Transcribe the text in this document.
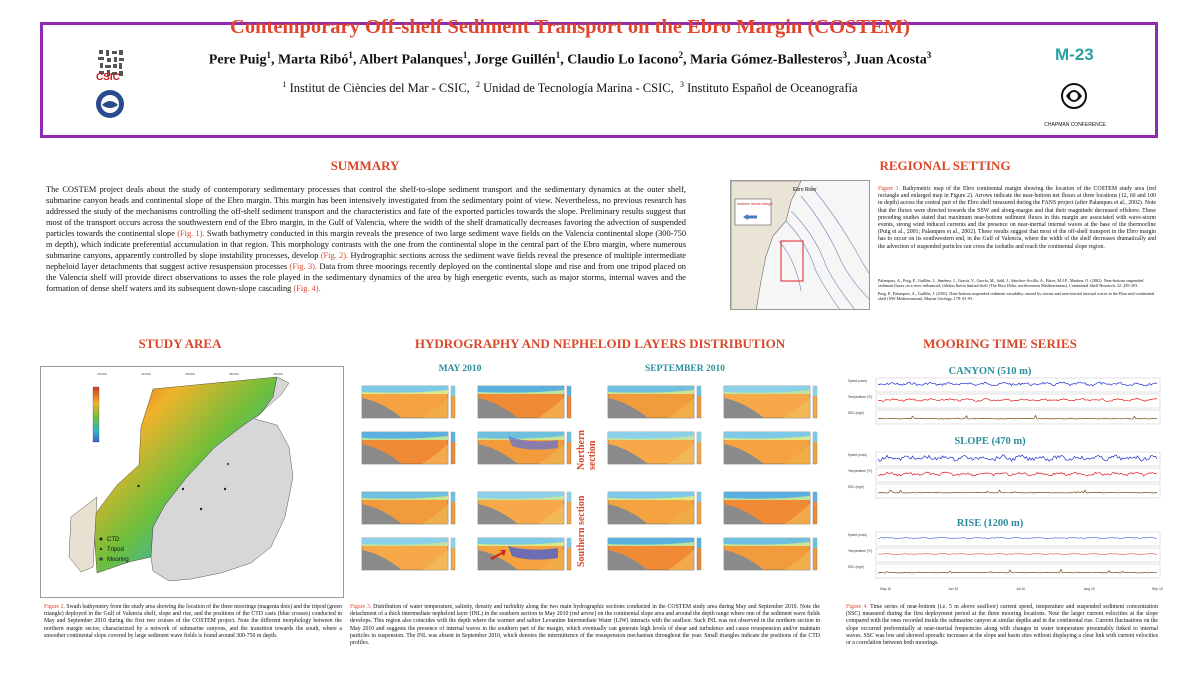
CSIC
Contemporary Off-shelf Sediment Transport on the Ebro Margin (COSTEM)
Pere Puig$^1$, Marta Ribó$^1$, Albert Palanques$^1$, Jorge Guillén$^1$, Claudio Lo Iacono$^2$, Maria Gómez-Ballesteros$^3$, Juan Acosta$^3$
$^1$ Institut de Ciències del Mar - CSIC, $^2$ Unidad de Tecnología Marina - CSIC, $^3$ Instituto Español de Oceanografía
M-23
CHAPMAN CONFERENCE
SUMMARY
The COSTEM project deals about the study of contemporary sedimentary processes that control the shelf-to-slope sediment transport and the sedimentary dynamics at the outer shelf, submarine canyon heads and continental slope of the Ebro margin. This margin has been intensively investigated from the sedimentary point of view. Nevertheless, no previous research has addressed the study of the mechanisms controlling the off-shelf sediment transport and the characteristics and fate of the exported particles towards the slope. Preliminary results suggest that most of the transport occurs across the southwestern end of the Ebro margin, in the Gulf of Valencia, where the width of the shelf dramatically decreases favoring the advection of suspended particles towards the continental slope (Fig. 1). Swath bathymetry conducted in this margin reveals the presence of two large sediment wave fields on the Valencia continental slope (300-750 m depth), which indicate preferential accumulation in that region. This morphology contrasts with the one from the continental slope in the central part of the Ebro margin, where numerous submarine canyons, apparently controlled by slope instability processes, develop (Fig. 2). Hydrographic sections across the sediment wave fields reveal the presence of multiple intermediate nepheloid layer detachments that suggest active resuspension processes (Fig. 3). Data from three moorings recently deployed on the continental slope and rise and from one tripod placed on the Valencia shelf will provide direct observations to asses the role played in the sedimentary dynamics of the area by high energetic events, such as major storms, internal waves and the formation of dense shelf waters and its subsequent down-slope cascading (Fig. 4).
REGIONAL SETTING
Ebro River
Northern Iberian Margin
Figure 1. Bathymetric map of the Ebro continental margin showing the location of the COSTEM study area (red rectangle and enlarged map in Figure 2). Arrows indicate the near-bottom net fluxes at three locations (12, 60 and 100 m depth) across the central part of the Ebro shelf measured during the FANS project (after Palanques et al., 2002). Note that the fluxes were directed towards the SSW and along-margin and that their magnitude decreased offshore. These preceding studies stated that maximum near-bottom sediment fluxes in this margin are associated with wave-storm events, strong wind induced currents and the presence on near-inertial internal waves at the base of the thermocline (Puig et al., 2001; Palanques et al., 2002). These results suggest that most of the off-shelf transport in the Ebro margin has to occur on its southwestern end, in the Gulf of Valencia, where the width of the shelf decreases dramatically and the advection of suspended particles can cross the isobaths and reach the continental slope region.
Palanques, A., Puig, P., Guillén, J., Jiménez, J., Gracia, V., García, M., Sahl, J., Sánchez-Arcilla, A., Brive, M.J.P., Madsen, O. (2002). Near-bottom suspended sediment fluxes on a river influenced, tideless Iberia limited shelf (The Ebro Delta, northwestern Mediterranean). Continental Shelf Research, 22: 285-303.
Puig, P., Palanques, A., Guillén, J. (2001). Near-bottom suspended sediment variability caused by storms and near-inertial internal waves in the Ebro mid continental shelf (NW Mediterranean). Marine Geology, 178: 81-93.
STUDY AREA
320000	340000	360000	380000	400000
CTD
Tripod
Mooring
Figure 2. Swath bathymetry from the study area showing the location of the three moorings (magenta dots) and the tripod (green triangle) deployed in the Gulf of Valencia shelf, slope and rise, and the positions of the CTD casts (blue crosses) conducted in May and September 2010 during the first two cruises of the COSTEM project. Note the different morphology between the northern margin sector, characterized by a network of submarine canyons, and the transition towards the south, where a smoother continental slope covered by large sediment wave fields is found around 300-750 m depth.
HYDROGRAPHY AND NEPHELOID LAYERS DISTRIBUTION
MAY 2010	SEPTEMBER 2010
Northern section
Southern section
Figure 3. Distribution of water temperature, salinity, density and turbidity along the two main hydrographic sections conducted in the COSTEM study area during May and September 2010. Note the detachment of a thick intermediate nepheloid layer (INL) in the southern section in May 2010 (red arrow) on the continental slope area and around the depth range where one of the sediment wave fields develops. This region also coincides with the depth where the warmer and saltier Levantine Intermediate Water (LIW) interacts with the seafloor. Such INL was not observed in the northern section in May 2010 and suggests the presence of internal waves in the southern part of the margin, which eventually can generate high levels of shear and turbulence and cause resuspension and/or maintain particles in suspension. The INL was absent in September 2010, which denotes the intermittence of the resuspension mechanism throughout the year. Small triangles indicate the positions of the CTD profiles.
MOORING TIME SERIES
CANYON (510 m)
SLOPE (470 m)
RISE (1200 m)
Speed (cm/s)
Temperature (ºC)
SSC (mg/l)
Speed (cm/s)
Temperature (ºC)
SSC (mg/l)
Speed (cm/s)
Temperature (ºC)
SSC (mg/l)
May 10	Jun 10	Jul 10	Aug 10	Sep 10
Figure 4. Time series of near-bottom (i.e. 5 m above seafloor) current speed, temperature and suspended sediment concentration (SSC) measured during the first deployment period at the three mooring locations. Note the larger current velocities at the slope compared with the ones recorded inside the submarine canyon at similar depths and in the continental rise. Current fluctuations on the slope occurred preferentially at near-inertial frequencies along with changes in water temperature presumably linked to internal waves. SSC was low and showed sporadic increases at the slope and basin sites without displaying a clear link with current velocities or a correlation between both moorings.
